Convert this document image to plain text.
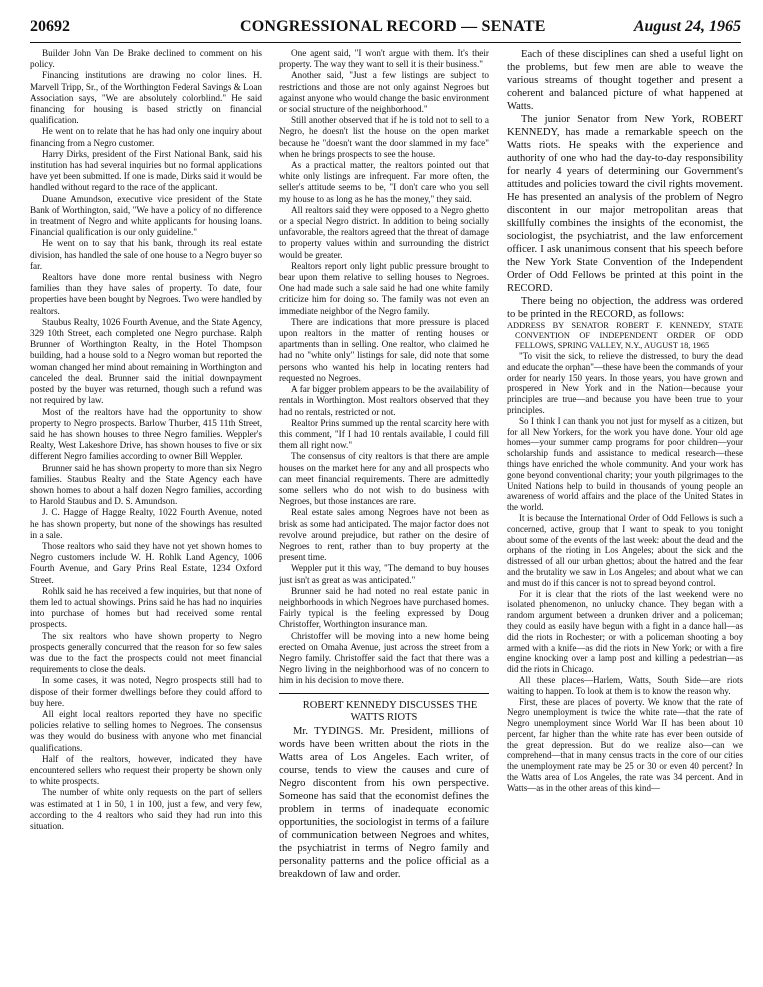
20692	CONGRESSIONAL RECORD — SENATE	August 24, 1965

Builder John Van De Brake declined to comment on his policy.

Financing institutions are drawing no color lines. H. Marvell Tripp, Sr., of the Worthington Federal Savings & Loan Association says, "We are absolutely colorblind." He said financing for housing is based strictly on financial qualification.

He went on to relate that he has had only one inquiry about financing from a Negro customer.

Harry Dirks, president of the First National Bank, said his institution has had several inquiries but no formal applications have yet been submitted. If one is made, Dirks said it would be handled without regard to the race of the applicant.

Duane Amundson, executive vice president of the State Bank of Worthington, said, "We have a policy of no difference in treatment of Negro and white applicants for housing loans. Financial qualification is our only guideline."

He went on to say that his bank, through its real estate division, has handled the sale of one house to a Negro buyer so far.

Realtors have done more rental business with Negro families than they have sales of property. To date, four properties have been bought by Negroes. Two were handled by realtors.

Staubus Realty, 1026 Fourth Avenue, and the State Agency, 329 10th Street, each completed one Negro purchase. Ralph Brunner of Worthington Realty, in the Hotel Thompson building, had a house sold to a Negro woman but reported the woman changed her mind about remaining in Worthington and canceled the deal. Brunner said the initial downpayment posted by the buyer was returned, though such a refund was not required by law.

Most of the realtors have had the opportunity to show property to Negro prospects. Barlow Thurber, 415 11th Street, said he has shown houses to three Negro families. Weppler's Realty, West Lakeshore Drive, has shown houses to five or six different Negro families according to owner Bill Weppler.

Brunner said he has shown property to more than six Negro families. Staubus Realty and the State Agency each have shown homes to about a half dozen Negro families, according to Harold Staubus and D. S. Amundson.

J. C. Hagge of Hagge Realty, 1022 Fourth Avenue, noted he has shown property, but none of the showings has resulted in a sale.

Those realtors who said they have not yet shown homes to Negro customers include W. H. Rohlk Land Agency, 1006 Fourth Avenue, and Gary Prins Real Estate, 1234 Oxford Street.

Rohlk said he has received a few inquiries, but that none of them led to actual showings. Prins said he has had no inquiries into purchase of homes but had received some rental prospects.

The six realtors who have shown property to Negro prospects generally concurred that the reason for so few sales was due to the fact the prospects could not meet financial requirements to close the deals.

In some cases, it was noted, Negro prospects still had to dispose of their former dwellings before they could afford to buy here.

All eight local realtors reported they have no specific policies relative to selling homes to Negroes. The consensus was they would do business with anyone who met financial qualifications.

Half of the realtors, however, indicated they have encountered sellers who request their property be shown only to white prospects.

The number of white only requests on the part of sellers was estimated at 1 in 50, 1 in 100, just a few, and very few, according to the 4 realtors who said they had run into this situation.

One agent said, "I won't argue with them. It's their property. The way they want to sell it is their business."

Another said, "Just a few listings are subject to restrictions and those are not only against Negroes but against anyone who would change the basic environment or social structure of the neighborhood."

Still another observed that if he is told not to sell to a Negro, he doesn't list the house on the open market because he "doesn't want the door slammed in my face" when he brings prospects to see the house.

As a practical matter, the realtors pointed out that white only listings are infrequent. Far more often, the seller's attitude seems to be, "I don't care who you sell my house to as long as he has the money," they said.

All realtors said they were opposed to a Negro ghetto or a special Negro district. In addition to being socially unfavorable, the realtors agreed that the threat of damage to property values within and surrounding the district would be greater.

Realtors report only light public pressure brought to bear upon them relative to selling houses to Negroes. One had made such a sale said he had one white family criticize him for doing so. The family was not even an immediate neighbor of the Negro family.

There are indications that more pressure is placed upon realtors in the matter of renting houses or apartments than in selling. One realtor, who claimed he had no "white only" listings for sale, did note that some persons who wanted his help in locating renters had requested no Negroes.

A far bigger problem appears to be the availability of rentals in Worthington. Most realtors observed that they had no rentals, restricted or not.

Realtor Prins summed up the rental scarcity here with this comment, "If I had 10 rentals available, I could fill them all right now."

The consensus of city realtors is that there are ample houses on the market here for any and all prospects who can meet financial requirements. There are admittedly some sellers who do not wish to do business with Negroes, but those instances are rare.

Real estate sales among Negroes have not been as brisk as some had anticipated. The major factor does not revolve around prejudice, but rather on the desire of Negroes to rent, rather than to buy property at the present time.

Weppler put it this way, "The demand to buy houses just isn't as great as was anticipated."

Brunner said he had noted no real estate panic in neighborhoods in which Negroes have purchased homes. Fairly typical is the feeling expressed by Doug Christoffer, Worthington insurance man.

Christoffer will be moving into a new home being erected on Omaha Avenue, just across the street from a Negro family. Christoffer said the fact that there was a Negro living in the neighborhood was of no concern to him in his decision to move there.

ROBERT KENNEDY DISCUSSES THE WATTS RIOTS

Mr. TYDINGS. Mr. President, millions of words have been written about the riots in the Watts area of Los Angeles. Each writer, of course, tends to view the causes and cure of Negro discontent from his own perspective. Someone has said that the economist defines the problem in terms of inadequate economic opportunities, the sociologist in terms of a failure of communication between Negroes and whites, the psychiatrist in terms of Negro family and personality patterns and the police official as a breakdown of law and order.

Each of these disciplines can shed a useful light on the problems, but few men are able to weave the various streams of thought together and present a coherent and balanced picture of what happened at Watts.

The junior Senator from New York, ROBERT KENNEDY, has made a remarkable speech on the Watts riots. He speaks with the experience and authority of one who had the day-to-day responsibility for nearly 4 years of determining our Government's attitudes and policies toward the civil rights movement. He has presented an analysis of the problem of Negro discontent in our major metropolitan areas that skillfully combines the insights of the economist, the sociologist, the psychiatrist, and the law enforcement officer. I ask unanimous consent that his speech before the New York State Convention of the Independent Order of Odd Fellows be printed at this point in the RECORD.

There being no objection, the address was ordered to be printed in the RECORD, as follows:

ADDRESS BY SENATOR ROBERT F. KENNEDY, STATE CONVENTION OF INDEPENDENT ORDER OF ODD FELLOWS, SPRING VALLEY, N.Y., AUGUST 18, 1965

"To visit the sick, to relieve the distressed, to bury the dead and educate the orphan"—these have been the commands of your order for nearly 150 years. In those years, you have grown and prospered in New York and in the Nation—because your principles are true—and because you have been true to your principles.

So I think I can thank you not just for myself as a citizen, but for all New Yorkers, for the work you have done. Your old age homes—your summer camp programs for poor children—your scholarship funds and assistance to medical research—these things have enriched the whole community. And your work has gone beyond conventional charity; your youth pilgrimages to the United Nations help to build in thousands of young people an awareness of world affairs and the place of the United States in the world.

It is because the International Order of Odd Fellows is such a concerned, active, group that I want to speak to you tonight about some of the events of the last week: about the dead and the orphans of the rioting in Los Angeles; about the sick and the distressed of all our urban ghettos; about the hatred and the fear and the brutality we saw in Los Angeles; and about what we can and must do if this cancer is not to spread beyond control.

For it is clear that the riots of the last weekend were no isolated phenomenon, no unlucky chance. They began with a random argument between a drunken driver and a policeman; they could as easily have begun with a fight in a dance hall—as did the riots in Rochester; or with a policeman shooting a boy armed with a knife—as did the riots in New York; or with a fire engine knocking over a lamp post and killing a pedestrian—as did the riots in Chicago.

All these places—Harlem, Watts, South Side—are riots waiting to happen. To look at them is to know the reason why.

First, these are places of poverty. We know that the rate of Negro unemployment is twice the white rate—that the rate of Negro unemployment since World War II has been about 10 percent, far higher than the white rate has ever been outside of the great depression. But do we realize also—can we comprehend—that in many census tracts in the core of our cities the unemployment rate may be 25 or 30 or even 40 percent? In the Watts area of Los Angeles, the rate was 34 percent. And in Watts—as in the other areas of this kind—
